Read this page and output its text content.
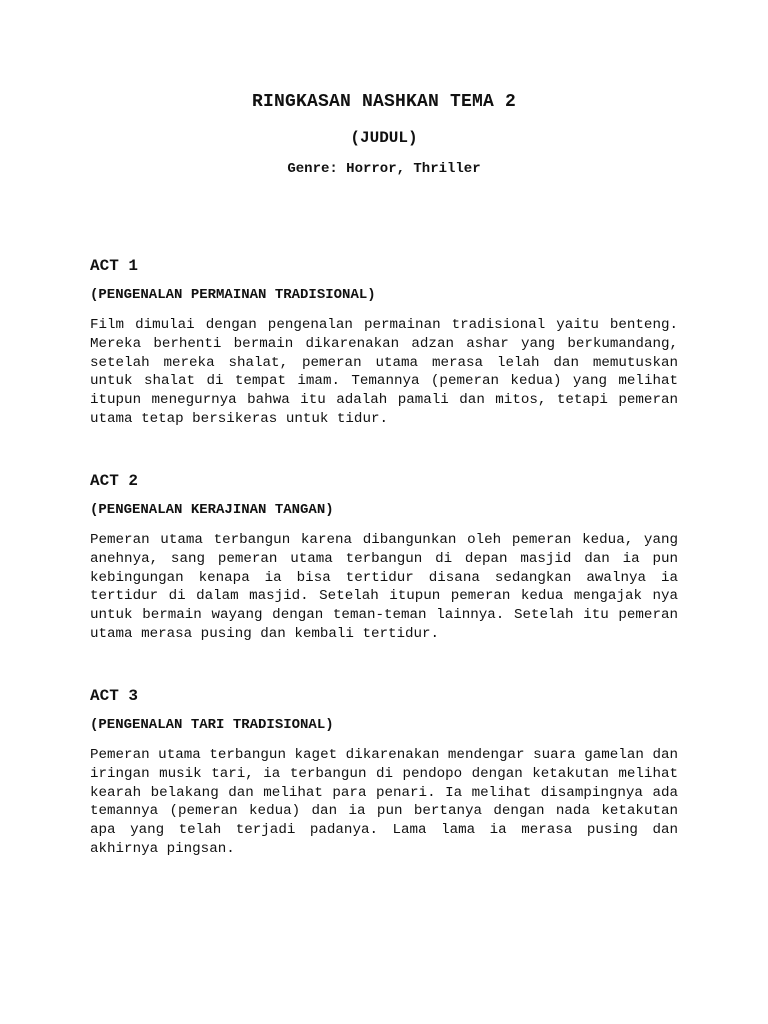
RINGKASAN NASHKAN TEMA 2
(JUDUL)
Genre: Horror, Thriller
ACT 1
(PENGENALAN PERMAINAN TRADISIONAL)
Film dimulai dengan pengenalan permainan tradisional yaitu benteng. Mereka berhenti bermain dikarenakan adzan ashar yang berkumandang, setelah mereka shalat, pemeran utama merasa lelah dan memutuskan untuk shalat di tempat imam. Temannya (pemeran kedua) yang melihat itupun menegurnya bahwa itu adalah pamali dan mitos, tetapi pemeran utama tetap bersikeras untuk tidur.
ACT 2
(PENGENALAN KERAJINAN TANGAN)
Pemeran utama terbangun karena dibangunkan oleh pemeran kedua, yang anehnya, sang pemeran utama terbangun di depan masjid dan ia pun kebingungan kenapa ia bisa tertidur disana sedangkan awalnya ia tertidur di dalam masjid. Setelah itupun pemeran kedua mengajak nya untuk bermain wayang dengan teman-teman lainnya. Setelah itu pemeran utama merasa pusing dan kembali tertidur.
ACT 3
(PENGENALAN TARI TRADISIONAL)
Pemeran utama terbangun kaget dikarenakan mendengar suara gamelan dan iringan musik tari, ia terbangun di pendopo dengan ketakutan melihat kearah belakang dan melihat para penari. Ia melihat disampingnya ada temannya (pemeran kedua) dan ia pun bertanya dengan nada ketakutan apa yang telah terjadi padanya. Lama lama ia merasa pusing dan akhirnya pingsan.
